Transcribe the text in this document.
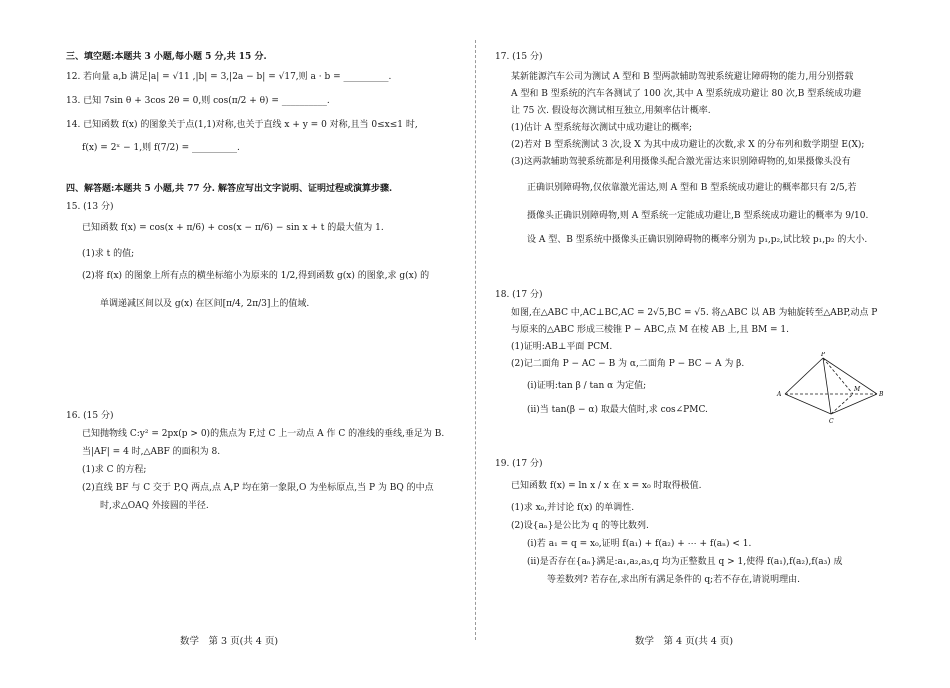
三、填空题:本题共 3 小题,每小题 5 分,共 15 分.
12. 若向量 a,b 满足|a| = √11 ,|b| = 3,|2a − b| = √17,则 a · b = __________.
13. 已知 7sin θ + 3cos 2θ = 0,则 cos(π/2 + θ) = __________.
14. 已知函数 f(x) 的图象关于点(1,1)对称,也关于直线 x + y = 0 对称,且当 0≤x≤1 时,
f(x) = 2ˣ − 1,则 f(7/2) = __________.
四、解答题:本题共 5 小题,共 77 分. 解答应写出文字说明、证明过程或演算步骤.
15. (13 分)
已知函数 f(x) = cos(x + π/6) + cos(x − π/6) − sin x + t 的最大值为 1.
(1)求 t 的值;
(2)将 f(x) 的图象上所有点的横坐标缩小为原来的 1/2,得到函数 g(x) 的图象,求 g(x) 的
单调递减区间以及 g(x) 在区间[π/4, 2π/3]上的值域.
16. (15 分)
已知抛物线 C:y² = 2px(p > 0)的焦点为 F,过 C 上一动点 A 作 C 的准线的垂线,垂足为 B.
当|AF| = 4 时,△ABF 的面积为 8.
(1)求 C 的方程;
(2)直线 BF 与 C 交于 P,Q 两点,点 A,P 均在第一象限,O 为坐标原点,当 P 为 BQ 的中点
时,求△OAQ 外接圆的半径.
数学　第 3 页(共 4 页)
17. (15 分)
某新能源汽车公司为测试 A 型和 B 型两款辅助驾驶系统避让障碍物的能力,用分别搭载
A 型和 B 型系统的汽车各测试了 100 次,其中 A 型系统成功避让 80 次,B 型系统成功避
让 75 次. 假设每次测试相互独立,用频率估计概率.
(1)估计 A 型系统每次测试中成功避让的概率;
(2)若对 B 型系统测试 3 次,设 X 为其中成功避让的次数,求 X 的分布列和数学期望 E(X);
(3)这两款辅助驾驶系统都是利用摄像头配合激光雷达来识别障碍物的,如果摄像头没有
正确识别障碍物,仅依靠激光雷达,则 A 型和 B 型系统成功避让的概率都只有 2/5,若
摄像头正确识别障碍物,则 A 型系统一定能成功避让,B 型系统成功避让的概率为 9/10.
设 A 型、B 型系统中摄像头正确识别障碍物的概率分别为 p₁,p₂,试比较 p₁,p₂ 的大小.
18. (17 分)
如图,在△ABC 中,AC⊥BC,AC = 2√5,BC = √5. 将△ABC 以 AB 为轴旋转至△ABP,动点 P
与原来的△ABC 形成三棱锥 P − ABC,点 M 在棱 AB 上,且 BM = 1.
(1)证明:AB⊥平面 PCM.
(2)记二面角 P − AC − B 为 α,二面角 P − BC − A 为 β.
(ⅰ)证明:tan β / tan α 为定值;
(ⅱ)当 tan(β − α) 取最大值时,求 cos∠PMC.
P
A	B
C
M
19. (17 分)
已知函数 f(x) = ln x / x 在 x = x₀ 时取得极值.
(1)求 x₀,并讨论 f(x) 的单调性.
(2)设{aₙ}是公比为 q 的等比数列.
(ⅰ)若 a₁ = q = x₀,证明 f(a₁) + f(a₂) + ⋯ + f(aₙ) < 1.
(ⅱ)是否存在{aₙ}满足:a₁,a₂,a₃,q 均为正整数且 q > 1,使得 f(a₁),f(a₂),f(a₃) 成
等差数列? 若存在,求出所有满足条件的 q;若不存在,请说明理由.
数学　第 4 页(共 4 页)
